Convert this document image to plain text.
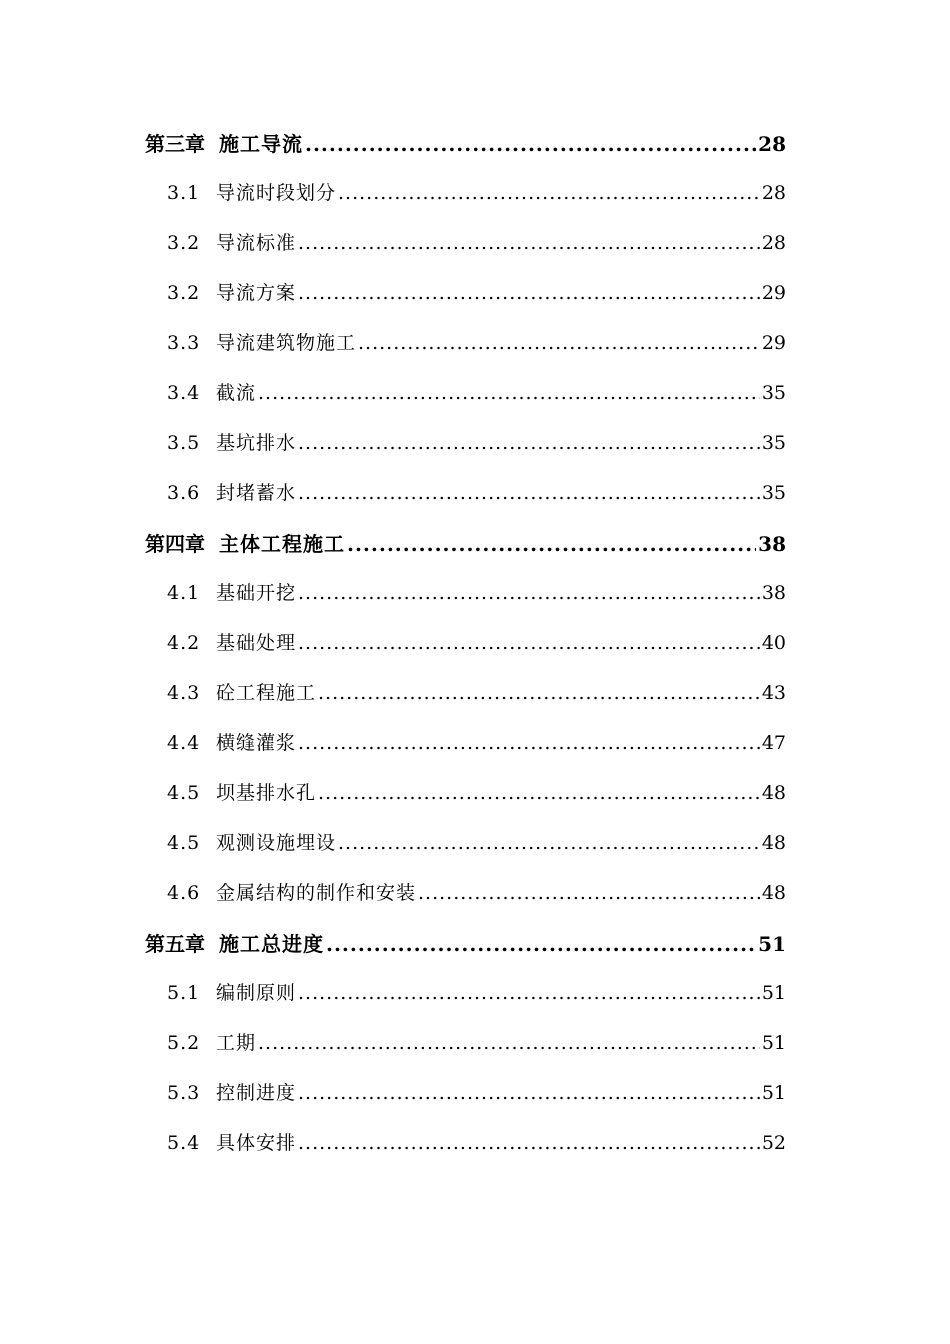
第三章 施工导流 .....	28
3.1 导流时段划分 .....	28
3.2 导流标准 .....	28
3.2 导流方案 .....	29
3.3 导流建筑物施工 .....	29
3.4 截流 .....	35
3.5 基坑排水 .....	35
3.6 封堵蓄水 .....	35
第四章 主体工程施工 .....	38
4.1 基础开挖 .....	38
4.2 基础处理 .....	40
4.3 砼工程施工 .....	43
4.4 横缝灌浆 .....	47
4.5 坝基排水孔 .....	48
4.5 观测设施埋设 .....	48
4.6 金属结构的制作和安装 .....	48
第五章 施工总进度 .....	51
5.1 编制原则 .....	51
5.2 工期 .....	51
5.3 控制进度 .....	51
5.4 具体安排 .....	52
